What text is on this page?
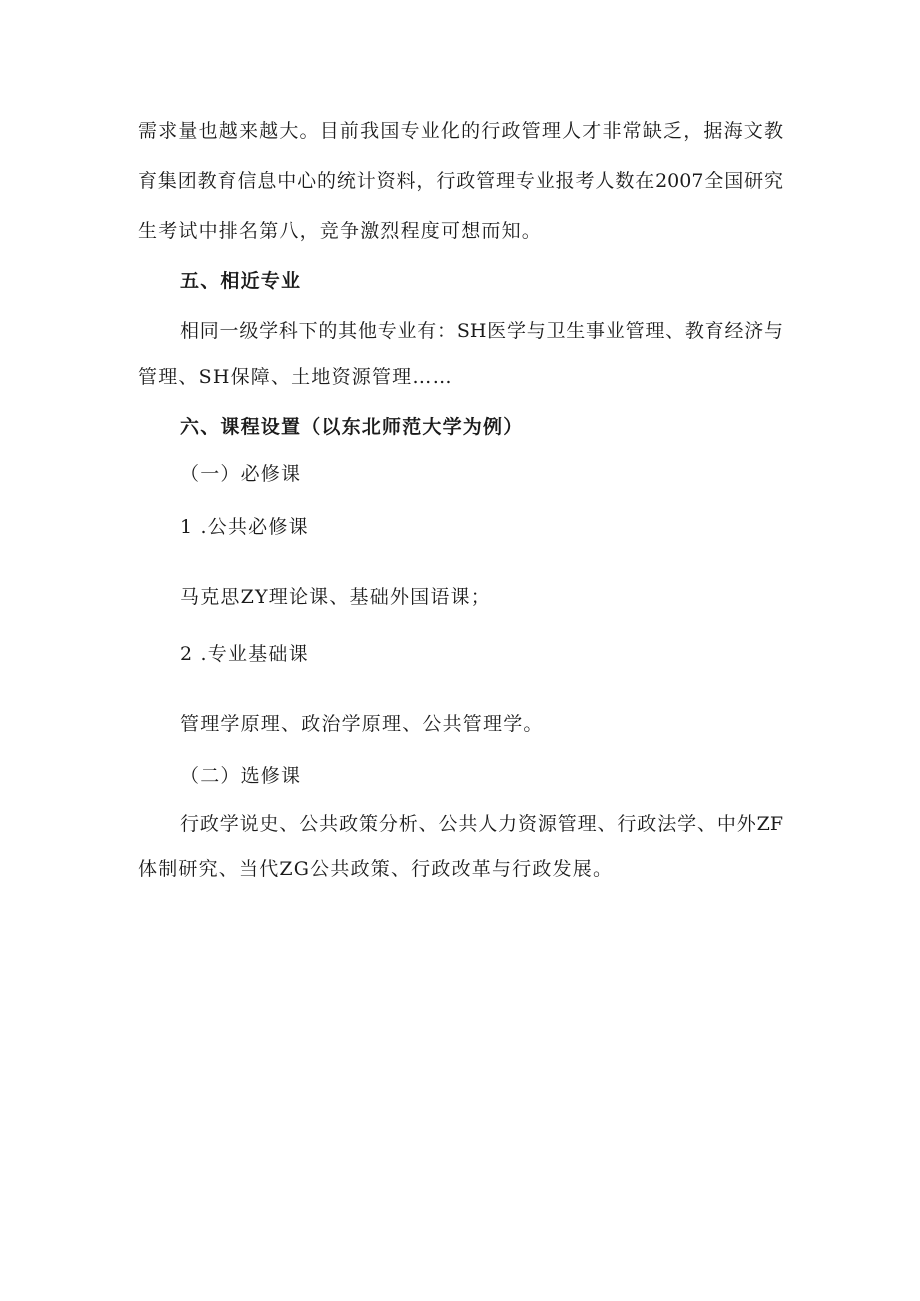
需求量也越来越大。目前我国专业化的行政管理人才非常缺乏，据海文教
育集团教育信息中心的统计资料，行政管理专业报考人数在2007全国研究
生考试中排名第八，竞争激烈程度可想而知。
五、相近专业
相同一级学科下的其他专业有：SH医学与卫生事业管理、教育经济与
管理、SH保障、土地资源管理……
六、课程设置（以东北师范大学为例）
（一）必修课
1 .公共必修课
马克思ZY理论课、基础外国语课；
2 .专业基础课
管理学原理、政治学原理、公共管理学。
（二）选修课
行政学说史、公共政策分析、公共人力资源管理、行政法学、中外ZF
体制研究、当代ZG公共政策、行政改革与行政发展。
